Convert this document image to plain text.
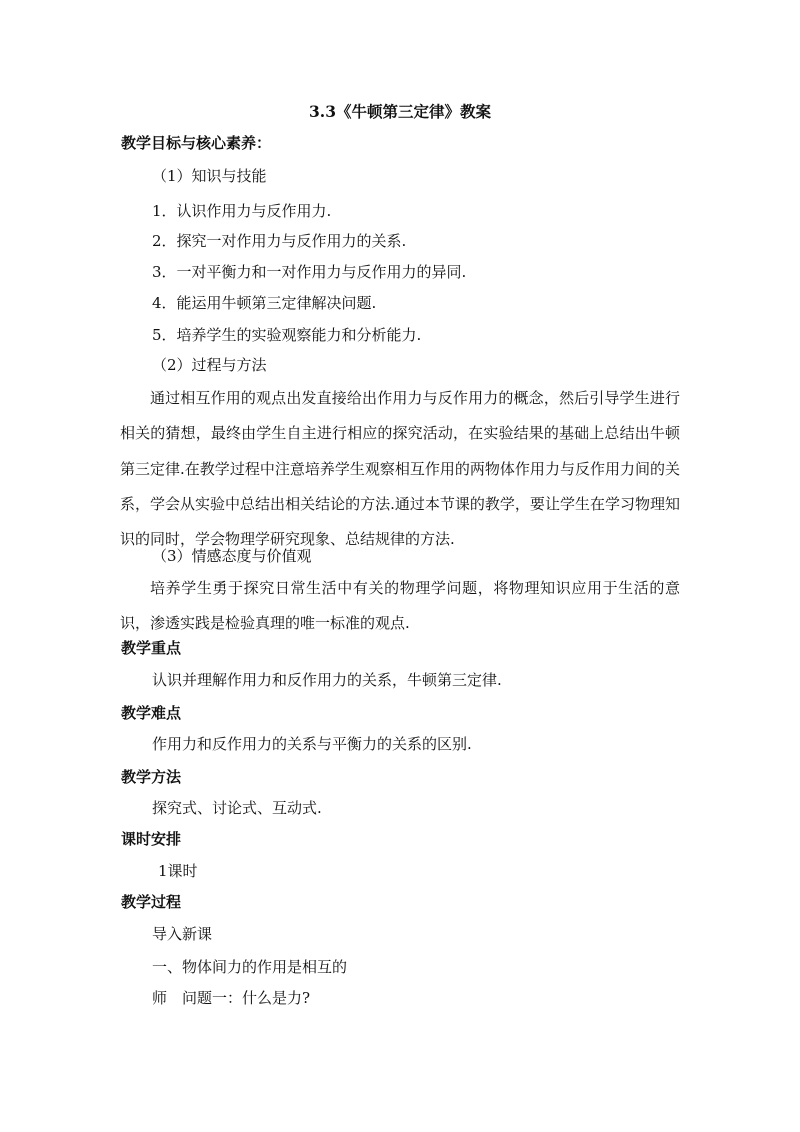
3.3《牛顿第三定律》教案
教学目标与核心素养：
（1）知识与技能
1．认识作用力与反作用力.
2．探究一对作用力与反作用力的关系.
3．一对平衡力和一对作用力与反作用力的异同.
4．能运用牛顿第三定律解决问题.
5．培养学生的实验观察能力和分析能力.
（2）过程与方法
通过相互作用的观点出发直接给出作用力与反作用力的概念，然后引导学生进行相关的猜想，最终由学生自主进行相应的探究活动，在实验结果的基础上总结出牛顿第三定律.在教学过程中注意培养学生观察相互作用的两物体作用力与反作用力间的关系，学会从实验中总结出相关结论的方法.通过本节课的教学，要让学生在学习物理知识的同时，学会物理学研究现象、总结规律的方法.
（3）情感态度与价值观
培养学生勇于探究日常生活中有关的物理学问题，将物理知识应用于生活的意识，渗透实践是检验真理的唯一标准的观点.
教学重点
认识并理解作用力和反作用力的关系，牛顿第三定律.
教学难点
作用力和反作用力的关系与平衡力的关系的区别.
教学方法
探究式、讨论式、互动式.
课时安排
1课时
教学过程
导入新课
一、物体间力的作用是相互的
师　问题一：什么是力?
